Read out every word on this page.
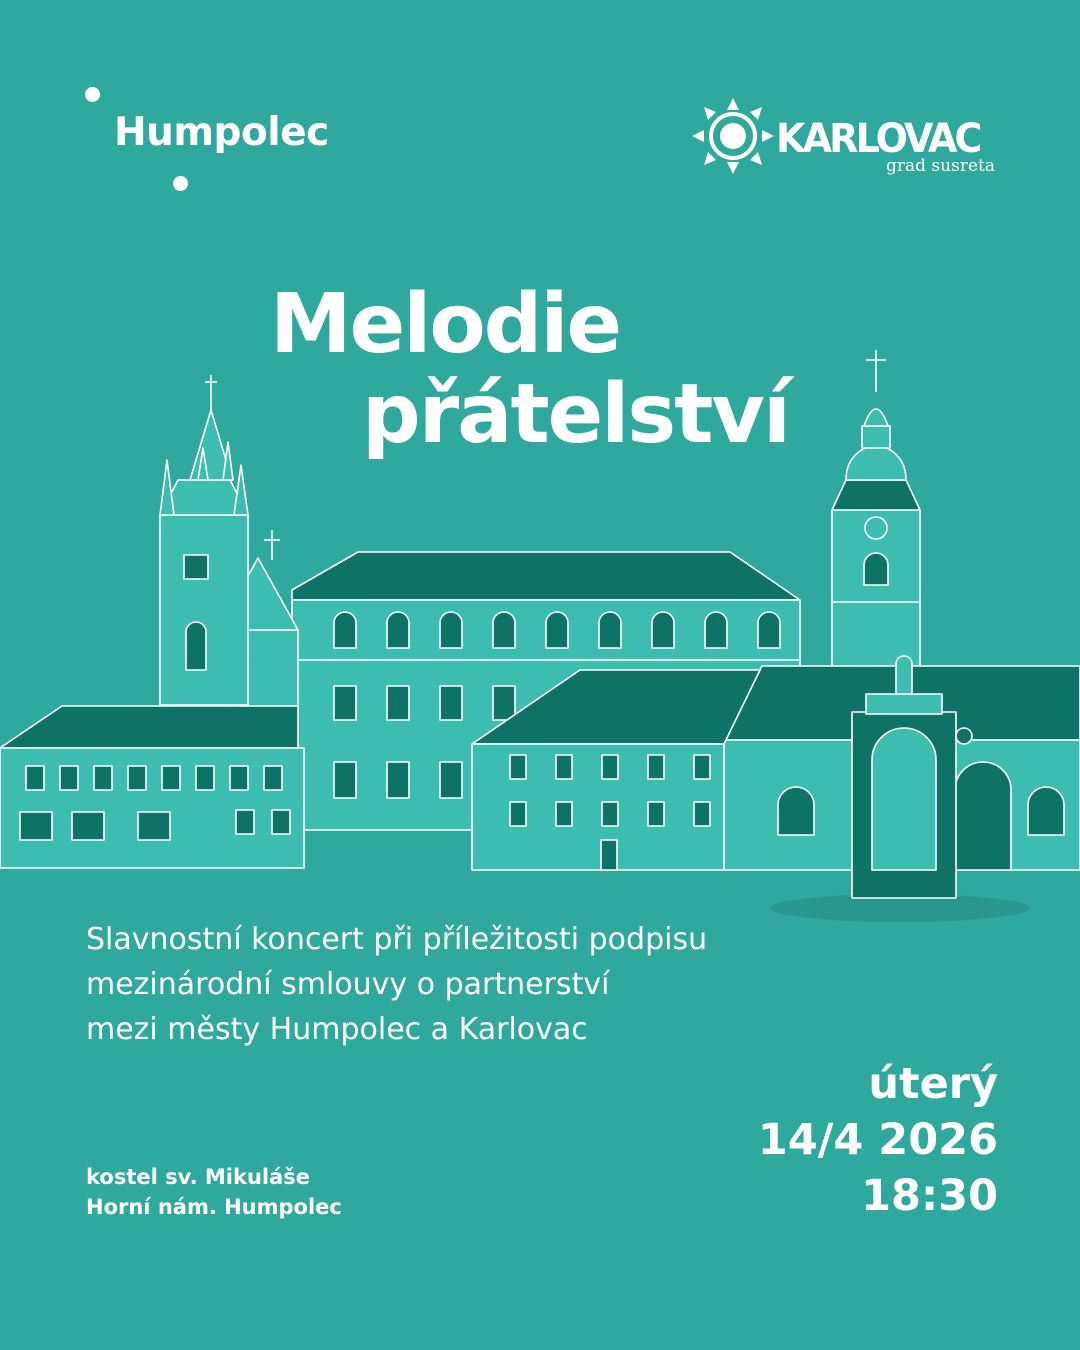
Humpolec	KARLOVAC
grad susreta
Melodie
přátelství
Slavnostní koncert při příležitosti podpisu
mezinárodní smlouvy o partnerství
mezi městy Humpolec a Karlovac
kostel sv. Mikuláše
Horní nám. Humpolec
úterý
14/4 2026
18:30
